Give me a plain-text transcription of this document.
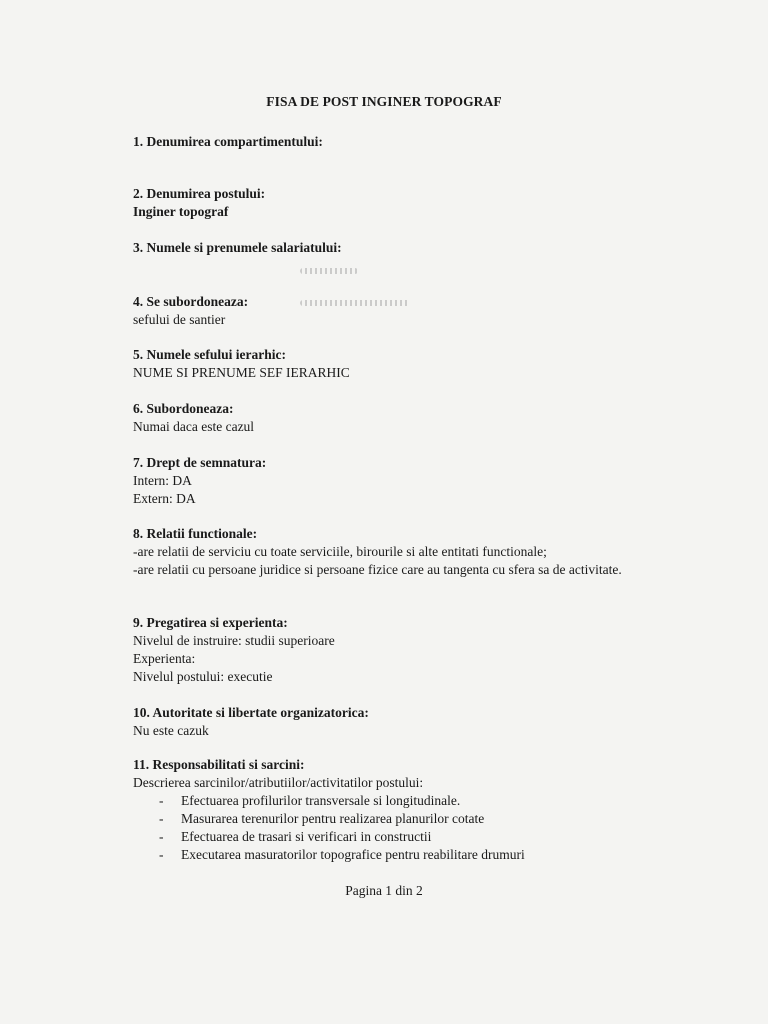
FISA DE POST INGINER TOPOGRAF
1. Denumirea compartimentului:
2. Denumirea postului:
Inginer topograf
3. Numele si prenumele salariatului:
4. Se subordoneaza:
sefului de santier
5. Numele sefului ierarhic:
NUME SI PRENUME SEF IERARHIC
6. Subordoneaza:
Numai daca este cazul
7. Drept de semnatura:
Intern: DA
Extern: DA
8. Relatii functionale:
-are relatii de serviciu cu toate serviciile, birourile si alte entitati functionale;
-are relatii cu persoane juridice si persoane fizice care au tangenta cu sfera sa de activitate.
9. Pregatirea si experienta:
Nivelul de instruire: studii superioare
Experienta:
Nivelul postului: executie
10. Autoritate si libertate organizatorica:
Nu este cazuk
11. Responsabilitati si sarcini:
Descrierea sarcinilor/atributiilor/activitatilor postului:
- Efectuarea profilurilor transversale si longitudinale.
- Masurarea terenurilor pentru realizarea planurilor cotate
- Efectuarea de trasari si verificari in constructii
- Executarea masuratorilor topografice pentru reabilitare drumuri
Pagina 1 din 2
